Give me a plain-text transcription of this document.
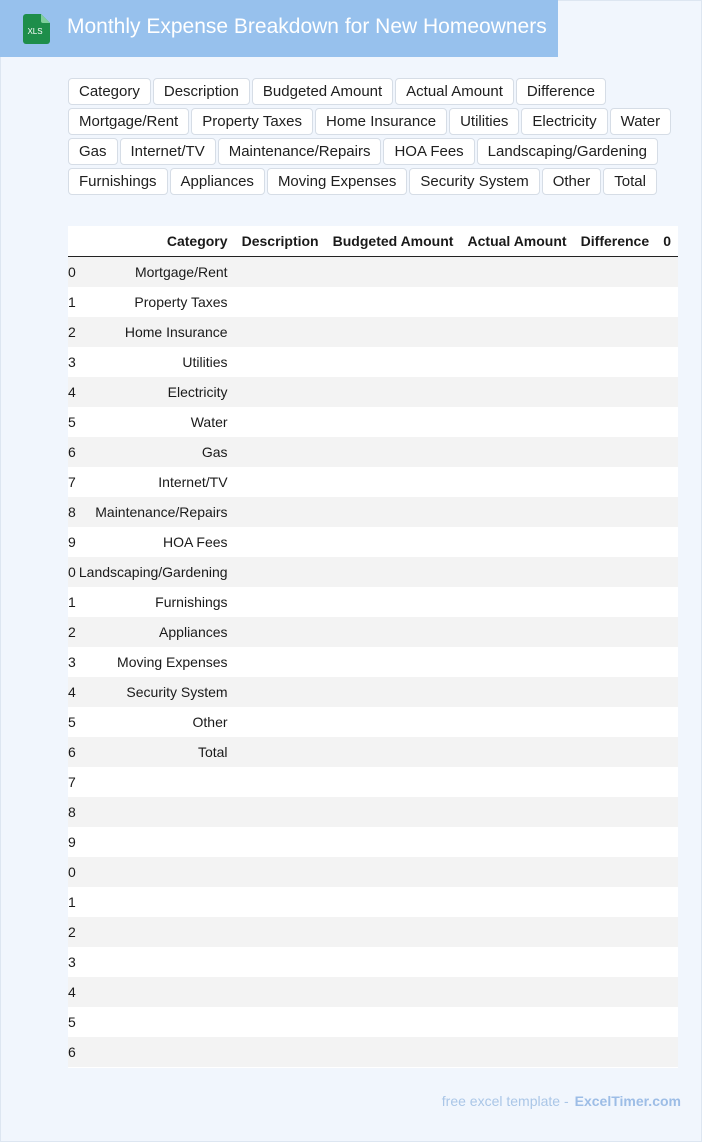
XLS Monthly Expense Breakdown for New Homeowners
Category	Description	Budgeted Amount	Actual Amount	Difference
Mortgage/Rent	Property Taxes	Home Insurance	Utilities	Electricity	Water
Gas	Internet/TV	Maintenance/Repairs	HOA Fees	Landscaping/Gardening
Furnishings	Appliances	Moving Expenses	Security System	Other	Total
	Category	Description	Budgeted Amount	Actual Amount	Difference	0
0	Mortgage/Rent					
1	Property Taxes					
2	Home Insurance					
3	Utilities					
4	Electricity					
5	Water					
6	Gas					
7	Internet/TV					
8	Maintenance/Repairs					
9	HOA Fees					
0	Landscaping/Gardening					
1	Furnishings					
2	Appliances					
3	Moving Expenses					
4	Security System					
5	Other					
6	Total					
7						
8						
9						
0						
1						
2						
3						
4						
5						
6						
free excel template - ExcelTimer.com
